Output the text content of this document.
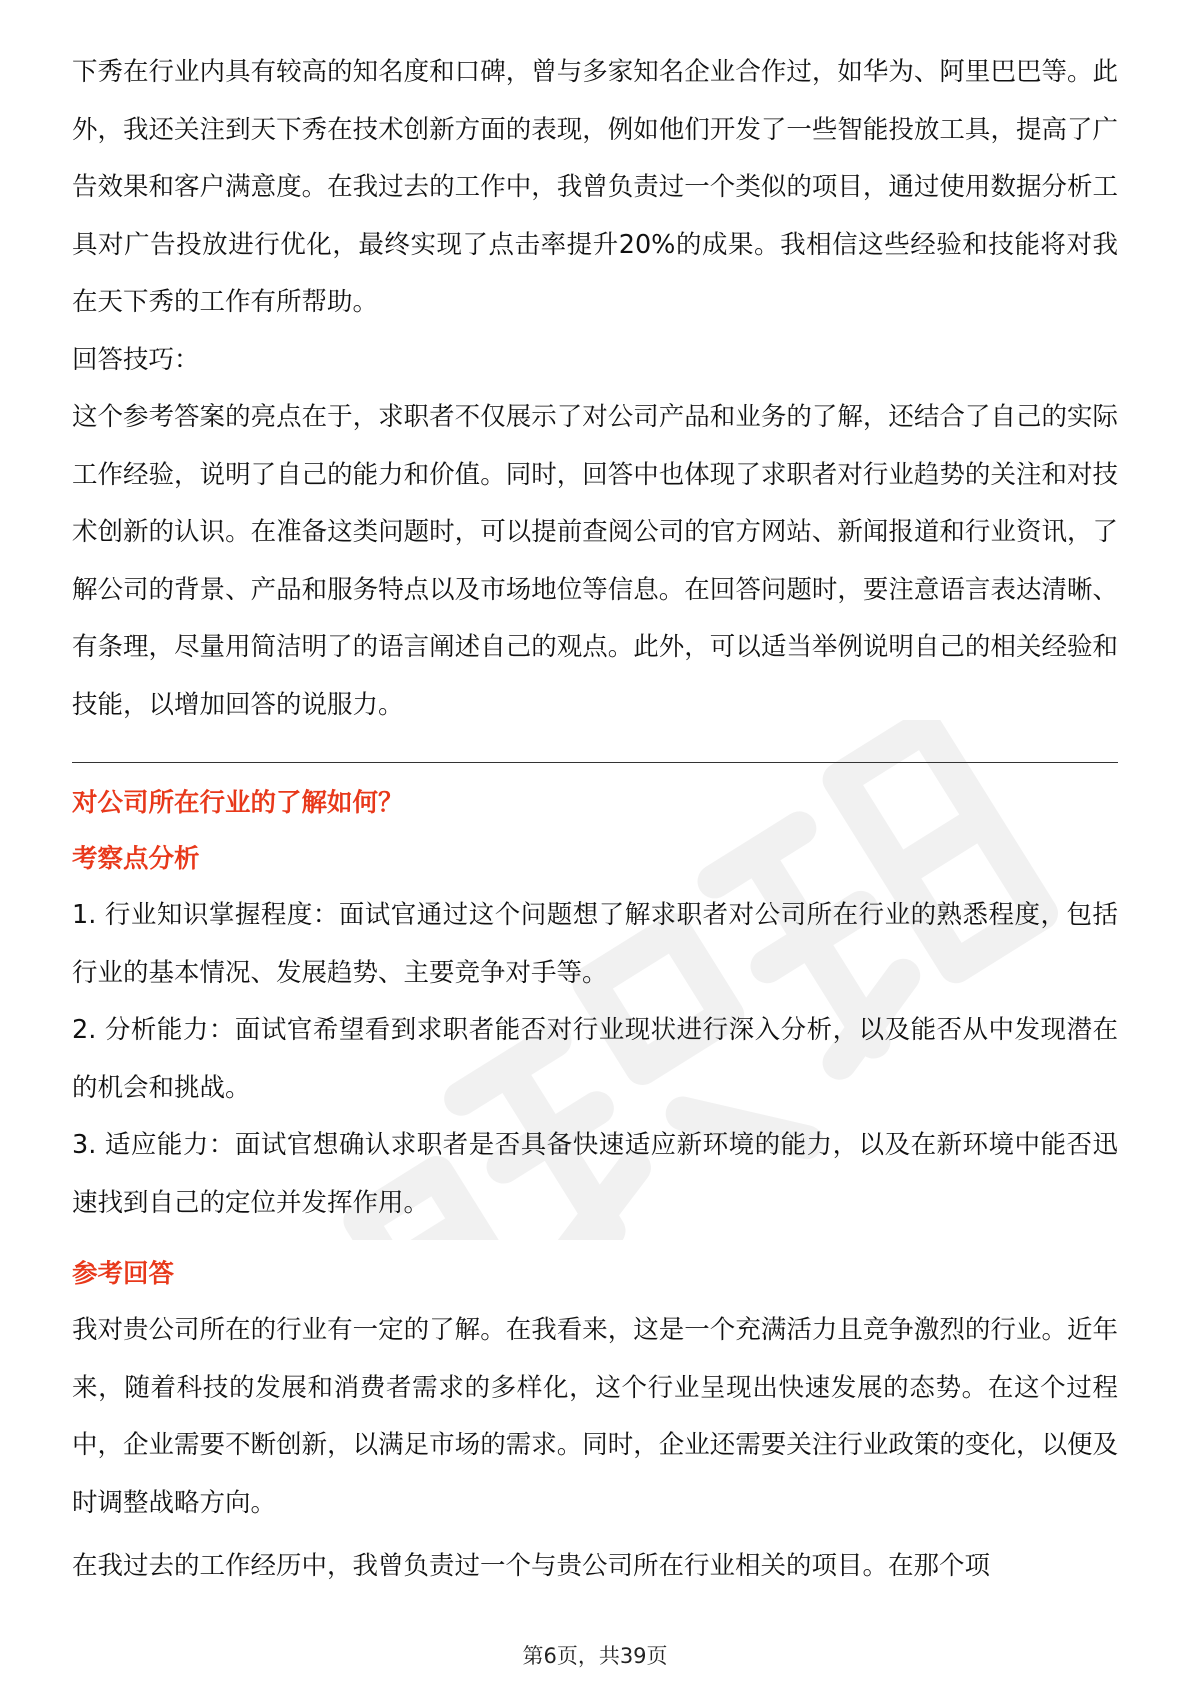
下秀在行业内具有较高的知名度和口碑，曾与多家知名企业合作过，如华为、阿里巴巴等。此外，我还关注到天下秀在技术创新方面的表现，例如他们开发了一些智能投放工具，提高了广告效果和客户满意度。在我过去的工作中，我曾负责过一个类似的项目，通过使用数据分析工具对广告投放进行优化，最终实现了点击率提升20%的成果。我相信这些经验和技能将对我在天下秀的工作有所帮助。

回答技巧：

这个参考答案的亮点在于，求职者不仅展示了对公司产品和业务的了解，还结合了自己的实际工作经验，说明了自己的能力和价值。同时，回答中也体现了求职者对行业趋势的关注和对技术创新的认识。在准备这类问题时，可以提前查阅公司的官方网站、新闻报道和行业资讯，了解公司的背景、产品和服务特点以及市场地位等信息。在回答问题时，要注意语言表达清晰、有条理，尽量用简洁明了的语言阐述自己的观点。此外，可以适当举例说明自己的相关经验和技能，以增加回答的说服力。

对公司所在行业的了解如何？

考察点分析

1. 行业知识掌握程度：面试官通过这个问题想了解求职者对公司所在行业的熟悉程度，包括行业的基本情况、发展趋势、主要竞争对手等。

2. 分析能力：面试官希望看到求职者能否对行业现状进行深入分析，以及能否从中发现潜在的机会和挑战。

3. 适应能力：面试官想确认求职者是否具备快速适应新环境的能力，以及在新环境中能否迅速找到自己的定位并发挥作用。

参考回答

我对贵公司所在的行业有一定的了解。在我看来，这是一个充满活力且竞争激烈的行业。近年来，随着科技的发展和消费者需求的多样化，这个行业呈现出快速发展的态势。在这个过程中，企业需要不断创新，以满足市场的需求。同时，企业还需要关注行业政策的变化，以便及时调整战略方向。

在我过去的工作经历中，我曾负责过一个与贵公司所在行业相关的项目。在那个项

第6页，共39页
